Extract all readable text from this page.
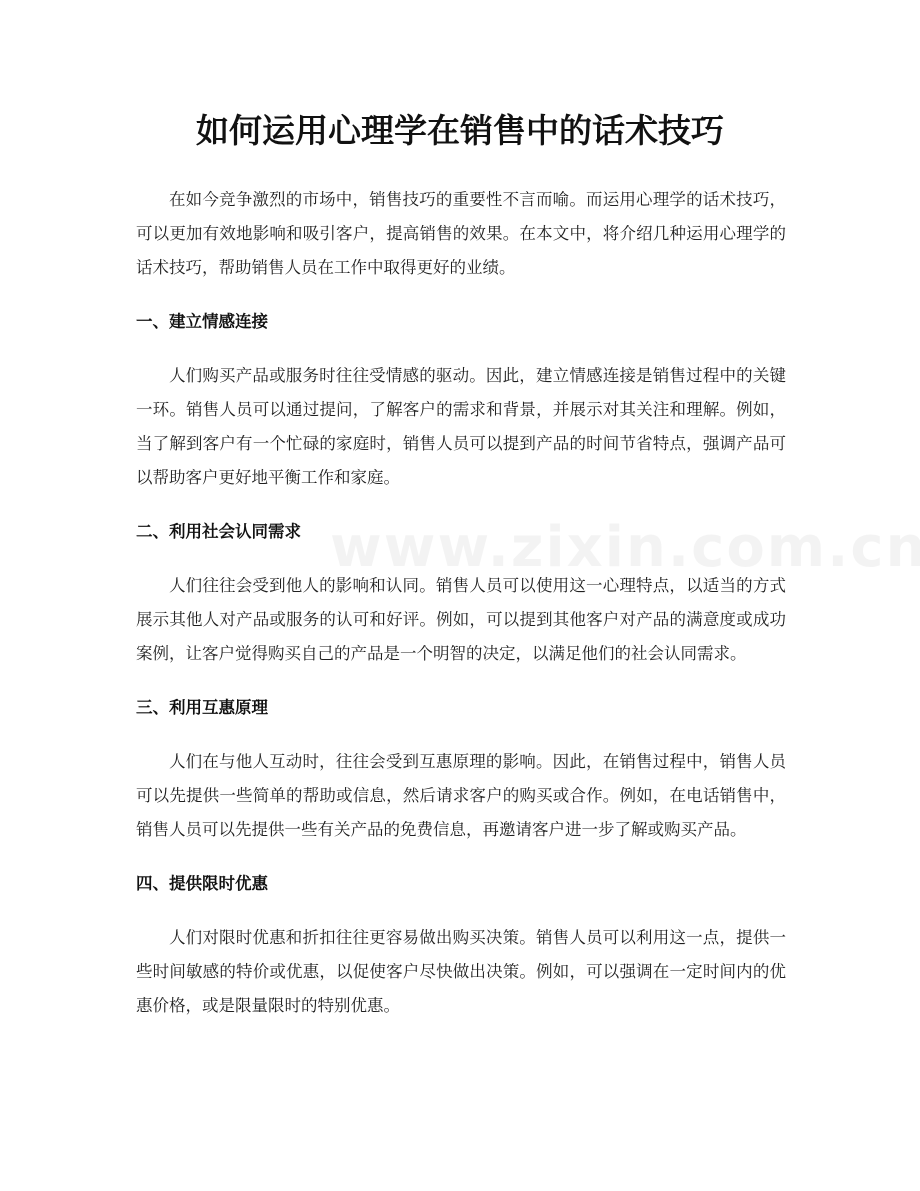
如何运用心理学在销售中的话术技巧

在如今竞争激烈的市场中，销售技巧的重要性不言而喻。而运用心理学的话术技巧，可以更加有效地影响和吸引客户，提高销售的效果。在本文中，将介绍几种运用心理学的话术技巧，帮助销售人员在工作中取得更好的业绩。

一、建立情感连接

人们购买产品或服务时往往受情感的驱动。因此，建立情感连接是销售过程中的关键一环。销售人员可以通过提问，了解客户的需求和背景，并展示对其关注和理解。例如，当了解到客户有一个忙碌的家庭时，销售人员可以提到产品的时间节省特点，强调产品可以帮助客户更好地平衡工作和家庭。

二、利用社会认同需求

人们往往会受到他人的影响和认同。销售人员可以使用这一心理特点，以适当的方式展示其他人对产品或服务的认可和好评。例如，可以提到其他客户对产品的满意度或成功案例，让客户觉得购买自己的产品是一个明智的决定，以满足他们的社会认同需求。

三、利用互惠原理

人们在与他人互动时，往往会受到互惠原理的影响。因此，在销售过程中，销售人员可以先提供一些简单的帮助或信息，然后请求客户的购买或合作。例如，在电话销售中，销售人员可以先提供一些有关产品的免费信息，再邀请客户进一步了解或购买产品。

四、提供限时优惠

人们对限时优惠和折扣往往更容易做出购买决策。销售人员可以利用这一点，提供一些时间敏感的特价或优惠，以促使客户尽快做出决策。例如，可以强调在一定时间内的优惠价格，或是限量限时的特别优惠。
